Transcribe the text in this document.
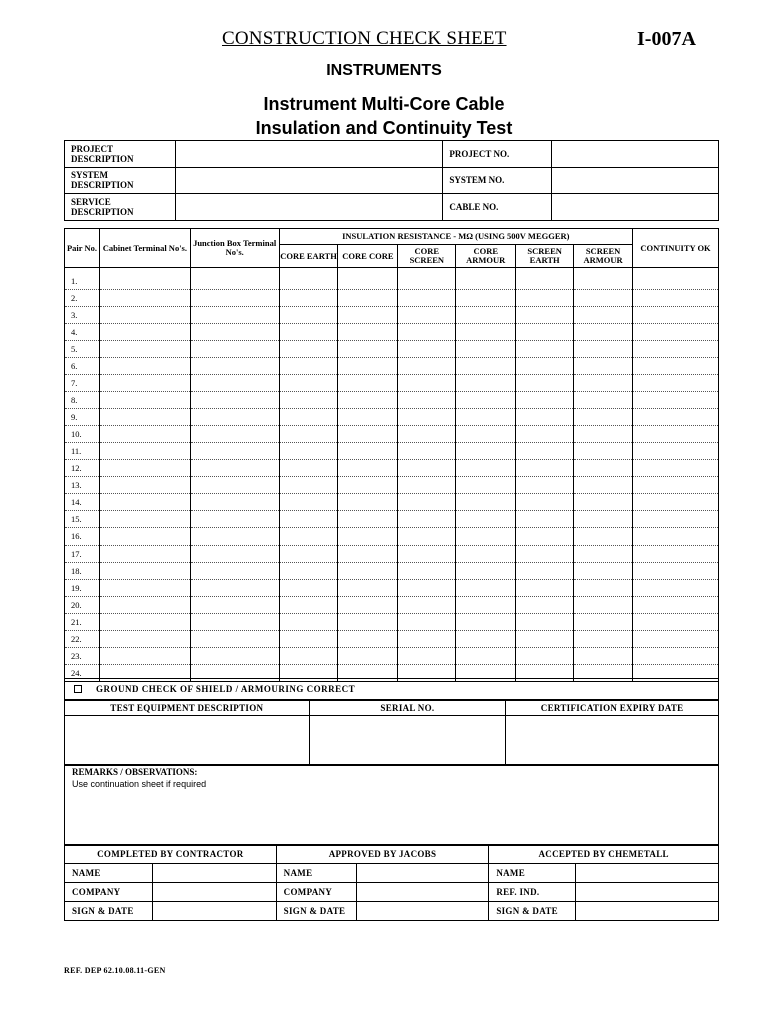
CONSTRUCTION CHECK SHEET	I-007A
INSTRUMENTS
Instrument Multi-Core Cable
Insulation and Continuity Test
PROJECT DESCRIPTION		PROJECT NO.	
SYSTEM DESCRIPTION		SYSTEM NO.	
SERVICE DESCRIPTION		CABLE NO.	
Pair No.	Cabinet Terminal No's.	Junction Box Terminal No's.	INSULATION RESISTANCE - MΩ (USING 500V MEGGER)						CONTINUITY OK
			CORE EARTH	CORE CORE	CORE SCREEN	CORE ARMOUR	SCREEN EARTH	SCREEN ARMOUR	

1.									
2.									
3.									
4.									
5.									
6.									
7.									
8.									
9.									
10.									
11.									
12.									
13.									
14.									
15.									
16.									
17.									
18.									
19.									
20.									
21.									
22.									
23.									
24.									
GROUND CHECK OF SHIELD / ARMOURING CORRECT
TEST EQUIPMENT DESCRIPTION	SERIAL NO.	CERTIFICATION EXPIRY DATE

REMARKS / OBSERVATIONS:
Use continuation sheet if required
COMPLETED BY CONTRACTOR		APPROVED BY JACOBS		ACCEPTED BY CHEMETALL	
NAME		NAME		NAME	
COMPANY		COMPANY		REF. IND.	
SIGN & DATE		SIGN & DATE		SIGN & DATE	
REF. DEP 62.10.08.11-GEN
